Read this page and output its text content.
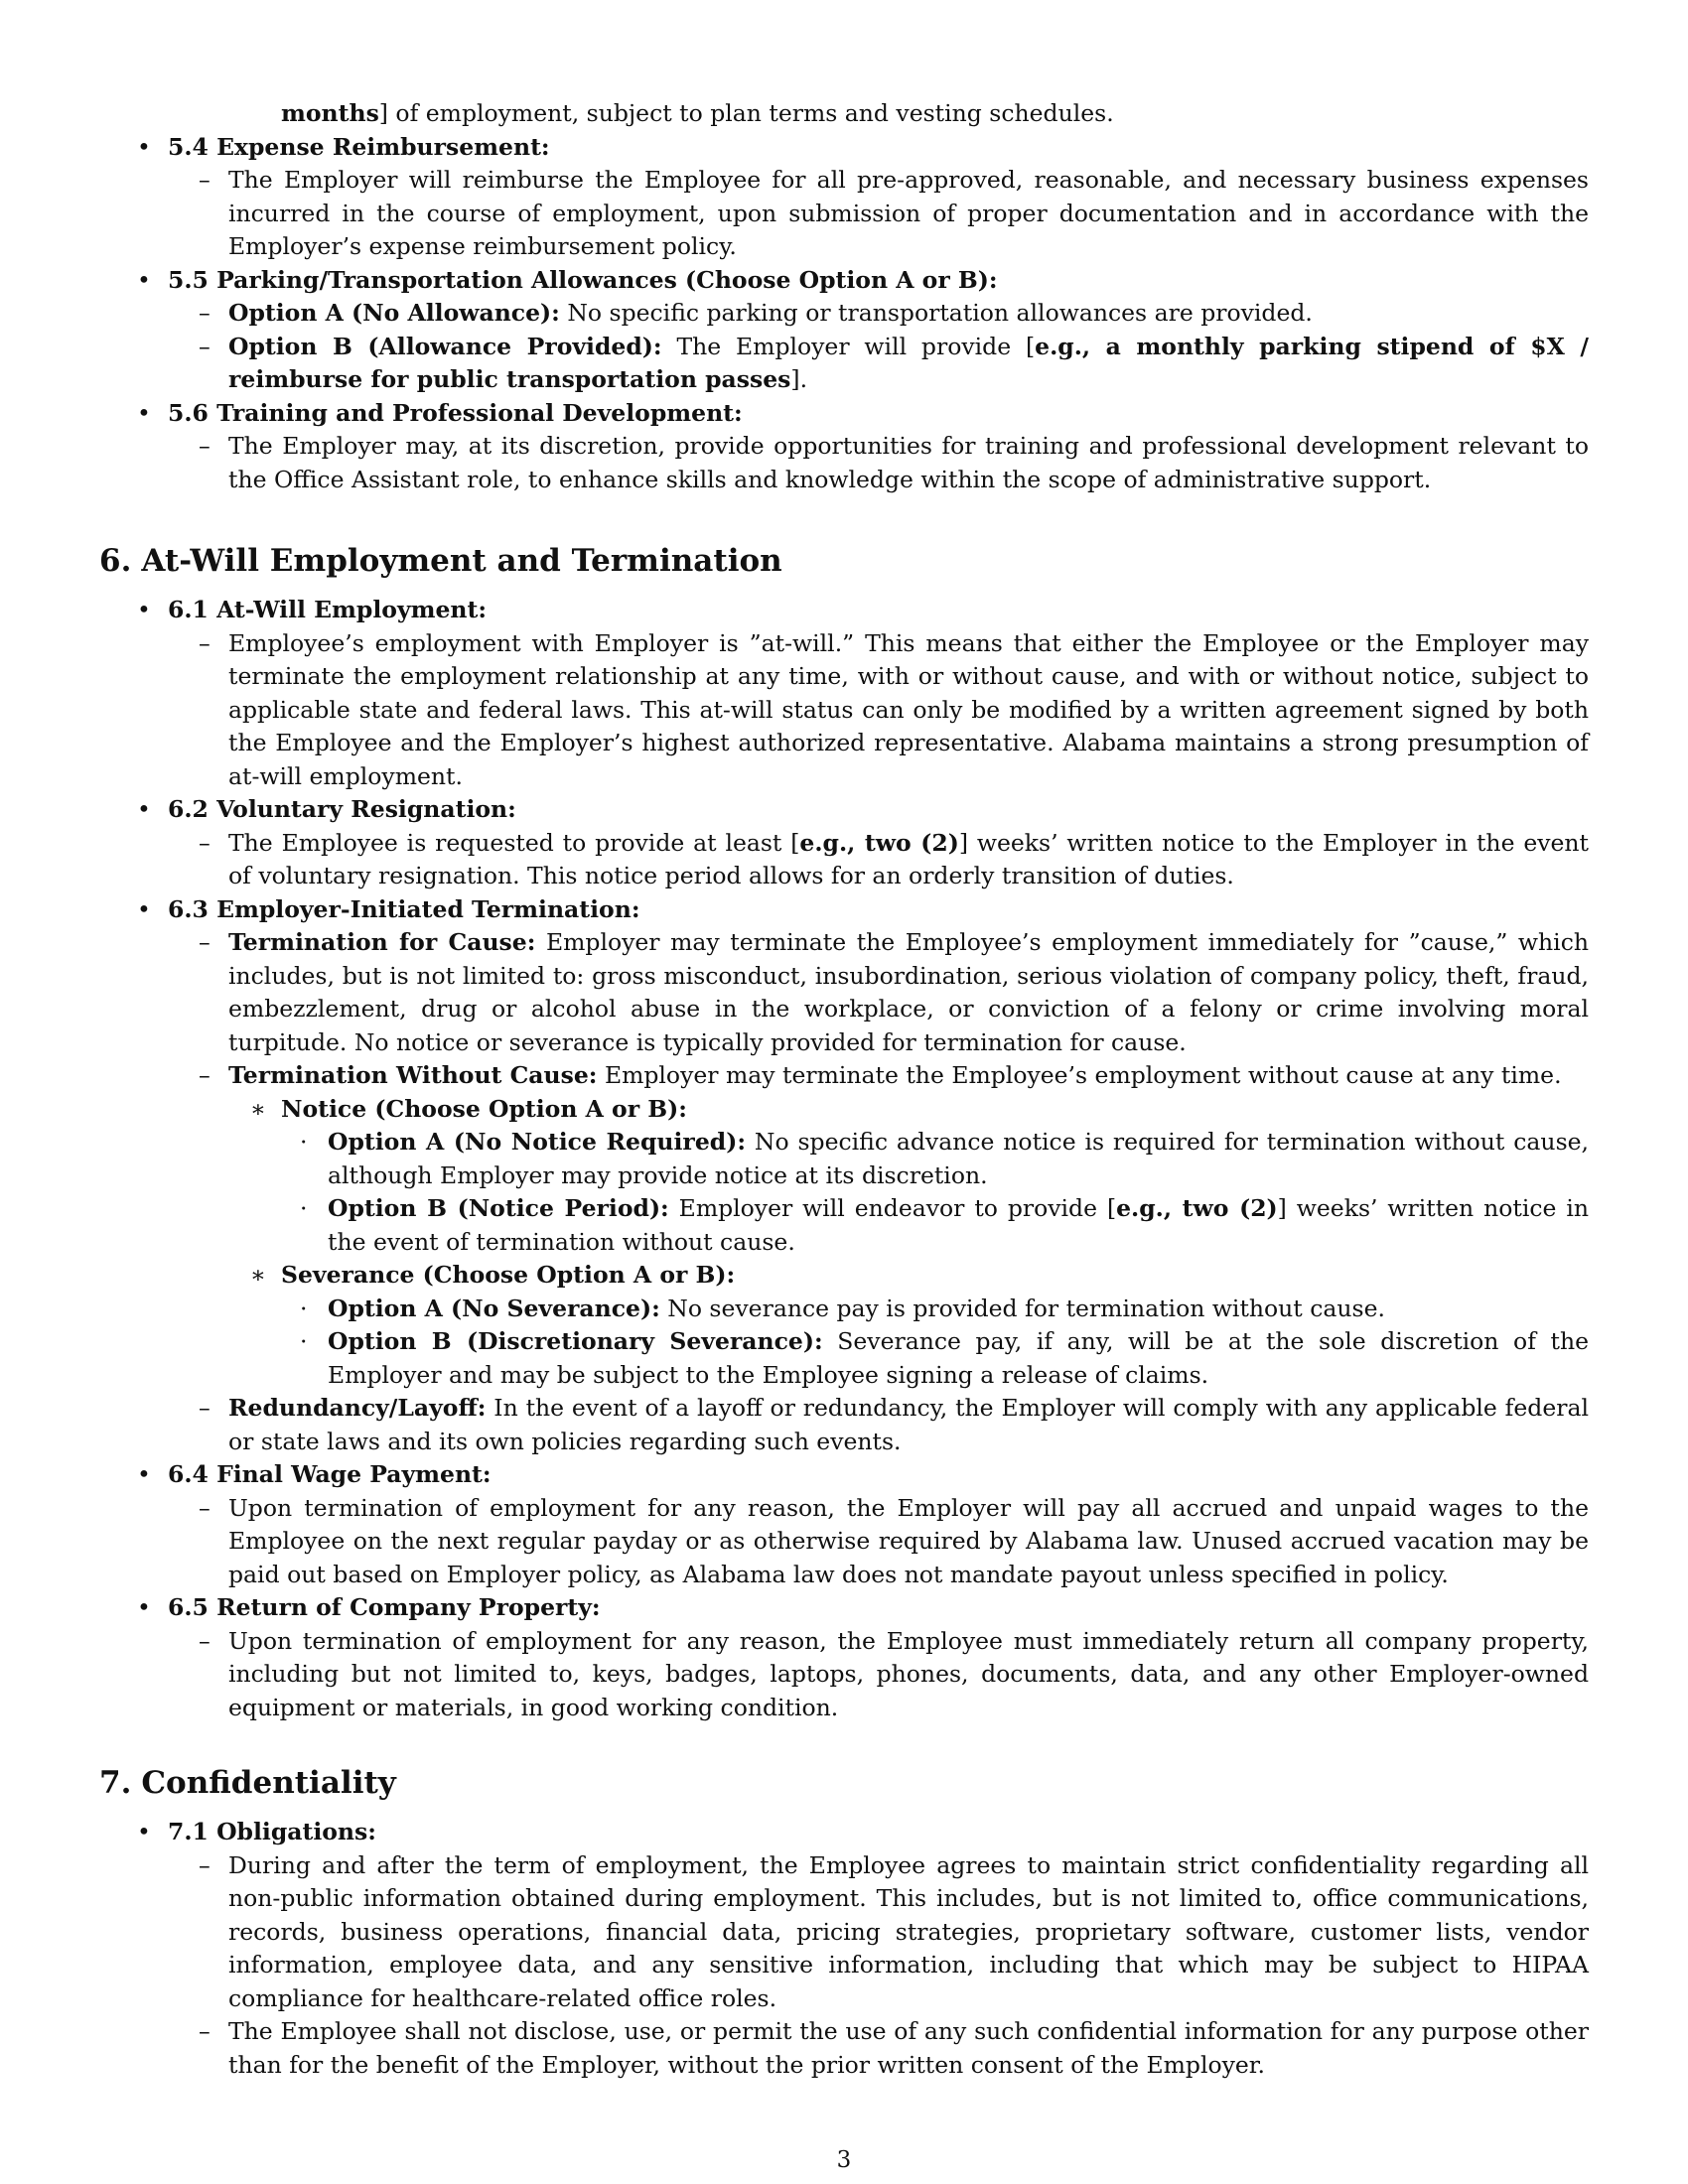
months] of employment, subject to plan terms and vesting schedules.
• 5.4 Expense Reimbursement:
– The Employer will reimburse the Employee for all pre-approved, reasonable, and necessary business expenses incurred in the course of employment, upon submission of proper documentation and in accordance with the Employer’s expense reimbursement policy.
• 5.5 Parking/Transportation Allowances (Choose Option A or B):
– Option A (No Allowance): No specific parking or transportation allowances are provided.
– Option B (Allowance Provided): The Employer will provide [e.g., a monthly parking stipend of $X / reimburse for public transportation passes].
• 5.6 Training and Professional Development:
– The Employer may, at its discretion, provide opportunities for training and professional development relevant to the Office Assistant role, to enhance skills and knowledge within the scope of administrative support.
6. At-Will Employment and Termination
• 6.1 At-Will Employment:
– Employee’s employment with Employer is ”at-will.” This means that either the Employee or the Employer may terminate the employment relationship at any time, with or without cause, and with or without notice, subject to applicable state and federal laws. This at-will status can only be modified by a written agreement signed by both the Employee and the Employer’s highest authorized representative. Alabama maintains a strong presumption of at-will employment.
• 6.2 Voluntary Resignation:
– The Employee is requested to provide at least [e.g., two (2)] weeks’ written notice to the Employer in the event of voluntary resignation. This notice period allows for an orderly transition of duties.
• 6.3 Employer-Initiated Termination:
– Termination for Cause: Employer may terminate the Employee’s employment immediately for ”cause,” which includes, but is not limited to: gross misconduct, insubordination, serious violation of company policy, theft, fraud, embezzlement, drug or alcohol abuse in the workplace, or conviction of a felony or crime involving moral turpitude. No notice or severance is typically provided for termination for cause.
– Termination Without Cause: Employer may terminate the Employee’s employment without cause at any time.
∗ Notice (Choose Option A or B):
· Option A (No Notice Required): No specific advance notice is required for termination without cause, although Employer may provide notice at its discretion.
· Option B (Notice Period): Employer will endeavor to provide [e.g., two (2)] weeks’ written notice in the event of termination without cause.
∗ Severance (Choose Option A or B):
· Option A (No Severance): No severance pay is provided for termination without cause.
· Option B (Discretionary Severance): Severance pay, if any, will be at the sole discretion of the Employer and may be subject to the Employee signing a release of claims.
– Redundancy/Layoff: In the event of a layoff or redundancy, the Employer will comply with any applicable federal or state laws and its own policies regarding such events.
• 6.4 Final Wage Payment:
– Upon termination of employment for any reason, the Employer will pay all accrued and unpaid wages to the Employee on the next regular payday or as otherwise required by Alabama law. Unused accrued vacation may be paid out based on Employer policy, as Alabama law does not mandate payout unless specified in policy.
• 6.5 Return of Company Property:
– Upon termination of employment for any reason, the Employee must immediately return all company property, including but not limited to, keys, badges, laptops, phones, documents, data, and any other Employer-owned equipment or materials, in good working condition.
7. Confidentiality
• 7.1 Obligations:
– During and after the term of employment, the Employee agrees to maintain strict confidentiality regarding all non-public information obtained during employment. This includes, but is not limited to, office communications, records, business operations, financial data, pricing strategies, proprietary software, customer lists, vendor information, employee data, and any sensitive information, including that which may be subject to HIPAA compliance for healthcare-related office roles.
– The Employee shall not disclose, use, or permit the use of any such confidential information for any purpose other than for the benefit of the Employer, without the prior written consent of the Employer.
3
